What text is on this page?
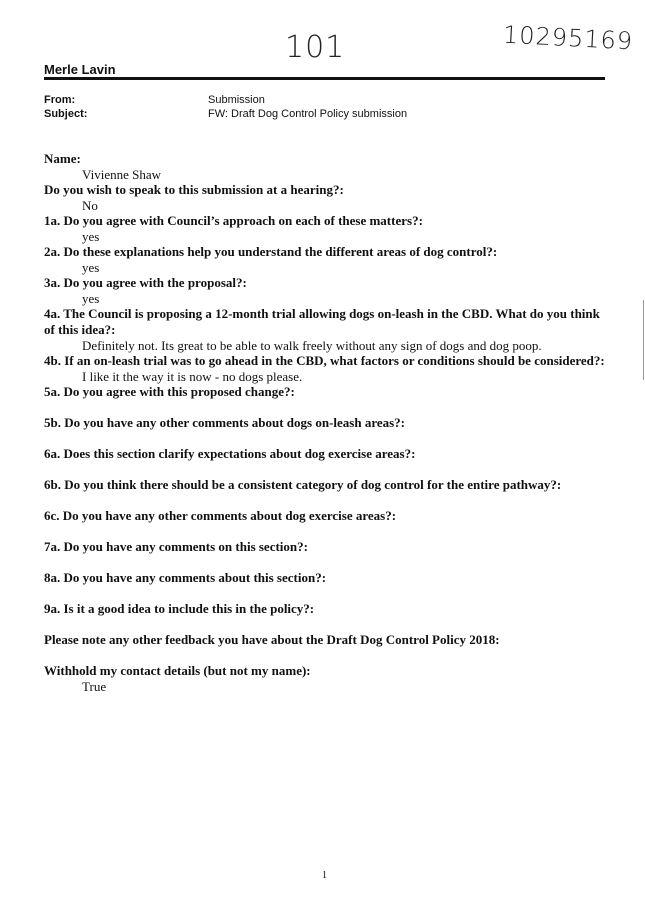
101	10295169
Merle Lavin
From:	Submission
Subject:	FW: Draft Dog Control Policy submission
Name:
Vivienne Shaw
Do you wish to speak to this submission at a hearing?:
No
1a. Do you agree with Council’s approach on each of these matters?:
yes
2a. Do these explanations help you understand the different areas of dog control?:
yes
3a. Do you agree with the proposal?:
yes
4a. The Council is proposing a 12-month trial allowing dogs on-leash in the CBD. What do you think of this idea?:
Definitely not. Its great to be able to walk freely without any sign of dogs and dog poop.
4b. If an on-leash trial was to go ahead in the CBD, what factors or conditions should be considered?:
I like it the way it is now - no dogs please.
5a. Do you agree with this proposed change?:
5b. Do you have any other comments about dogs on-leash areas?:
6a. Does this section clarify expectations about dog exercise areas?:
6b. Do you think there should be a consistent category of dog control for the entire pathway?:
6c. Do you have any other comments about dog exercise areas?:
7a. Do you have any comments on this section?:
8a. Do you have any comments about this section?:
9a. Is it a good idea to include this in the policy?:
Please note any other feedback you have about the Draft Dog Control Policy 2018:
Withhold my contact details (but not my name):
True
1
